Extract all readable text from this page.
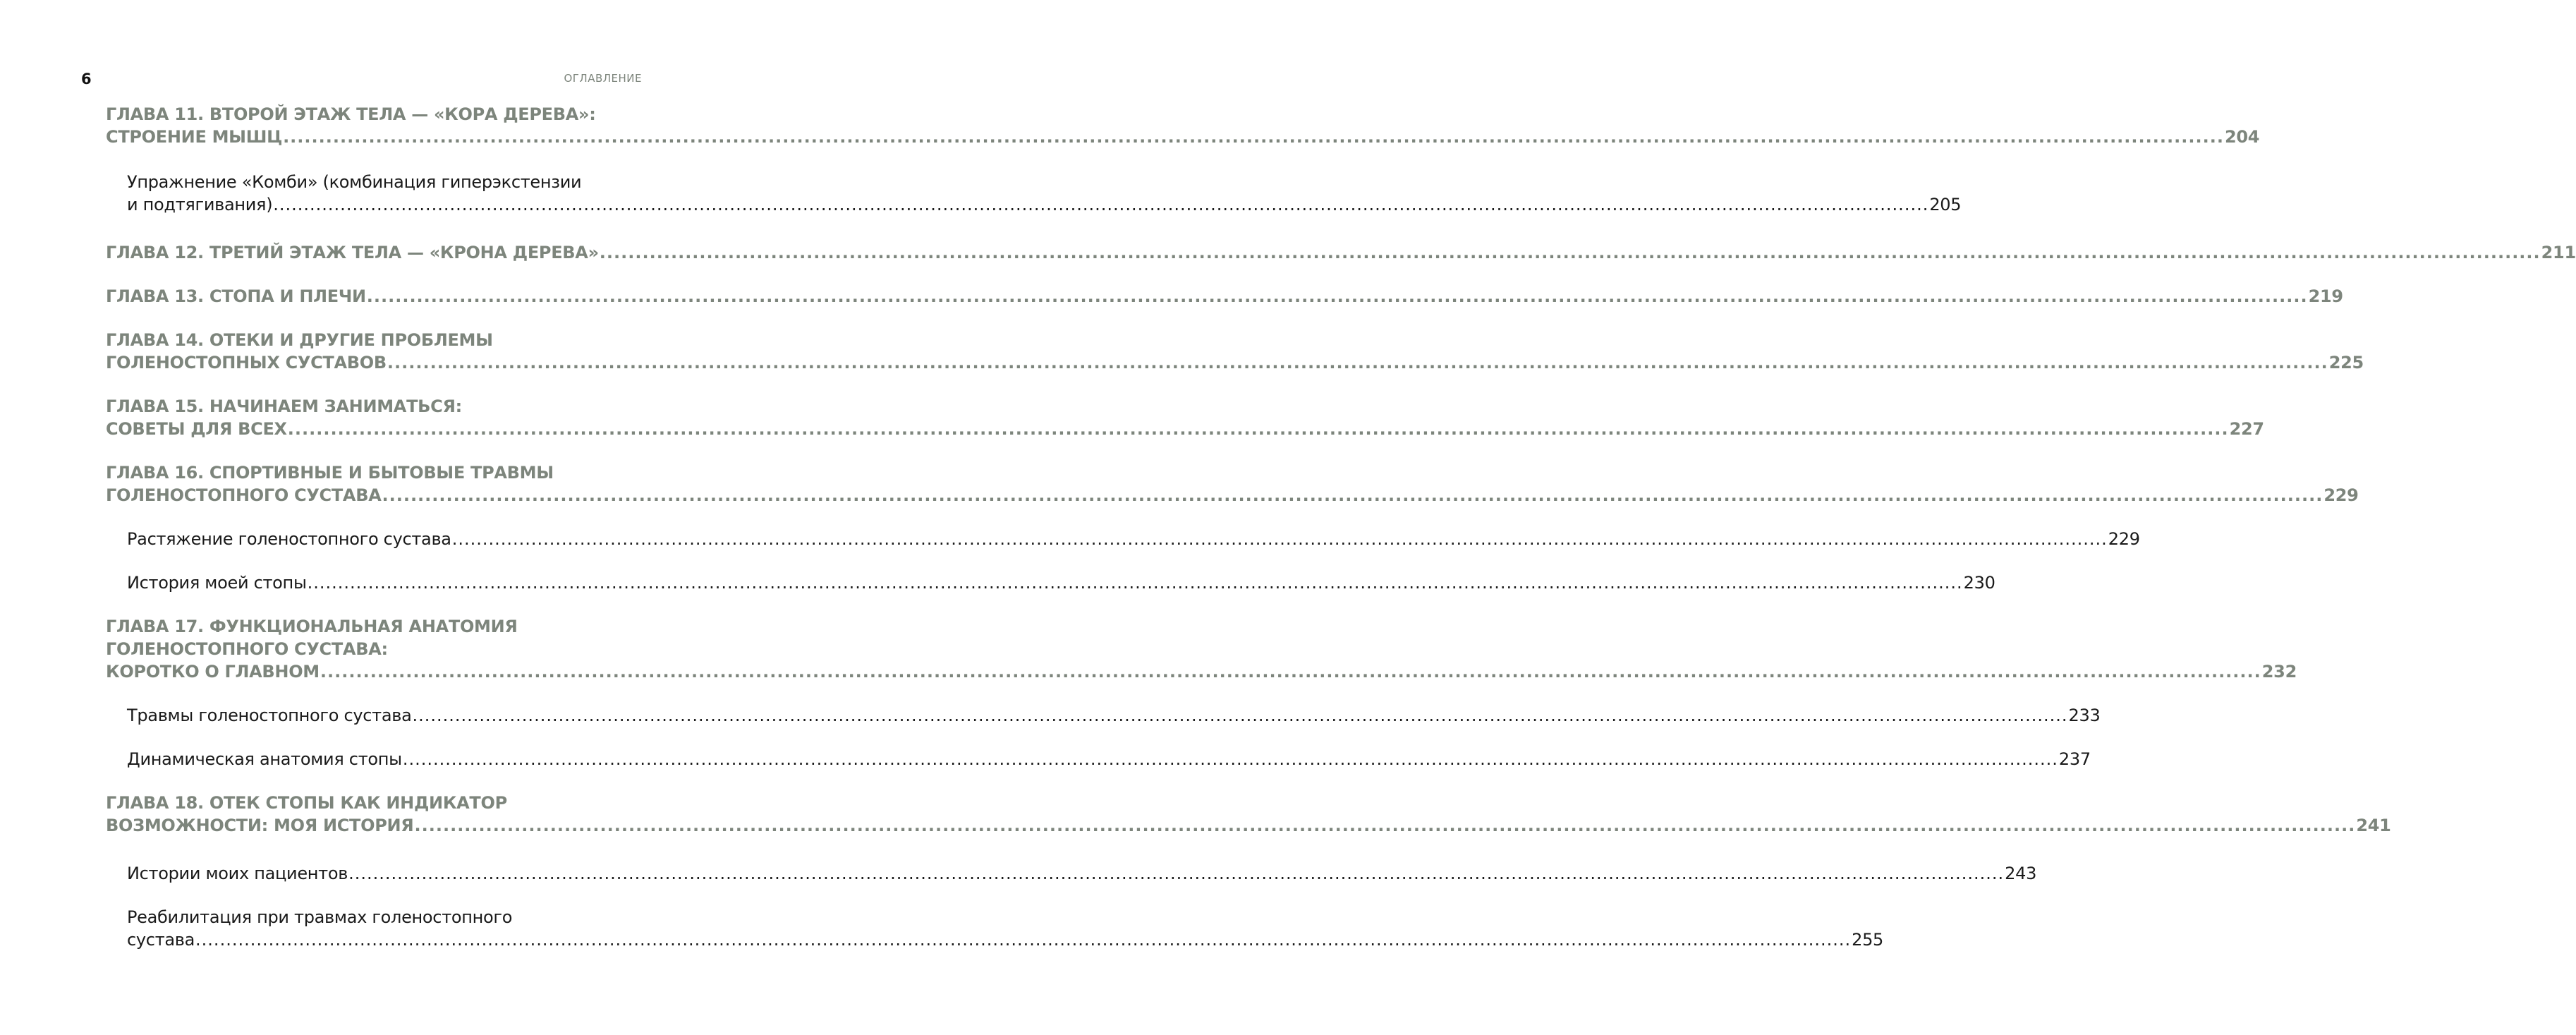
6	ОГЛАВЛЕНИЕ
ГЛАВА 11. ВТОРОЙ ЭТАЖ ТЕЛА — «КОРА ДЕРЕВА»:
СТРОЕНИЕ МЫШЦ ................................................................................................................................................................................................................................................................................ 204
Упражнение «Комби» (комбинация гиперэкстензии
и подтягивания) ................................................................................................................................................................................................................................................................................ 205
ГЛАВА 12. ТРЕТИЙ ЭТАЖ ТЕЛА — «КРОНА ДЕРЕВА» ................................................................................................................................................................................................................................................................................ 211
ГЛАВА 13. СТОПА И ПЛЕЧИ ................................................................................................................................................................................................................................................................................ 219
ГЛАВА 14. ОТЕКИ И ДРУГИЕ ПРОБЛЕМЫ
ГОЛЕНОСТОПНЫХ СУСТАВОВ ................................................................................................................................................................................................................................................................................ 225
ГЛАВА 15. НАЧИНАЕМ ЗАНИМАТЬСЯ:
СОВЕТЫ ДЛЯ ВСЕХ ................................................................................................................................................................................................................................................................................ 227
ГЛАВА 16. СПОРТИВНЫЕ И БЫТОВЫЕ ТРАВМЫ
ГОЛЕНОСТОПНОГО СУСТАВА ................................................................................................................................................................................................................................................................................ 229
Растяжение голеностопного сустава ................................................................................................................................................................................................................................................................................ 229
История моей стопы ................................................................................................................................................................................................................................................................................ 230
ГЛАВА 17. ФУНКЦИОНАЛЬНАЯ АНАТОМИЯ
ГОЛЕНОСТОПНОГО СУСТАВА:
КОРОТКО О ГЛАВНОМ ................................................................................................................................................................................................................................................................................ 232
Травмы голеностопного сустава ................................................................................................................................................................................................................................................................................ 233
Динамическая анатомия стопы ................................................................................................................................................................................................................................................................................ 237
ГЛАВА 18. ОТЕК СТОПЫ КАК ИНДИКАТОР
ВОЗМОЖНОСТИ: МОЯ ИСТОРИЯ ................................................................................................................................................................................................................................................................................ 241
Истории моих пациентов ................................................................................................................................................................................................................................................................................ 243
Реабилитация при травмах голеностопного
сустава ................................................................................................................................................................................................................................................................................ 255
